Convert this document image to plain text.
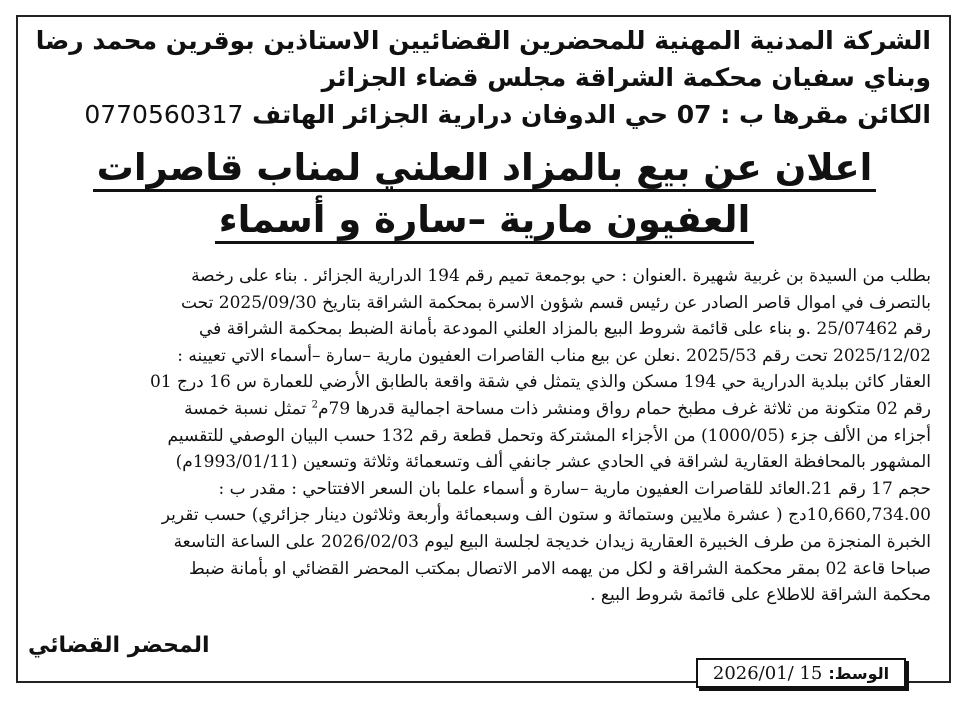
الشركة المدنية المهنية للمحضرين القضائيين الاستاذين بوقرين محمد رضا
وبناي سفيان محكمة الشراقة مجلس قضاء الجزائر
الكائن مقرها ب : 07 حي الدوفان دراري‍ة الجزائر الهاتف 0770560317
اعلان عن بيع بالمزاد العلني لمناب قاصرات
العفيون مارية –سارة و أسماء

بطلب من السيدة بن غربية شهيرة .العنوان : حي بوجمعة تميم رقم 194 الدرارية الجزائر . بناء على رخصة

بالتصرف في اموال قاصر الصادر عن رئيس قسم شؤون الاسرة بمحكمة الشراقة بتاريخ 2025/09/30 تحت

رقم 25/07462 .و بناء على قائمة شروط البيع بالمزاد العلني المودعة بأمانة الضبط بمحكمة الشراقة في

2025/12/02 تحت رقم 2025/53 .نعلن عن بيع مناب القاصرات العفيون مارية –سارة –أسماء الاتي تعيينه :

العقار كائن ببلدية الدرارية حي 194 مسكن والذي يتمثل في شقة واقعة بالطابق الأرضي للعمارة س 16 درج 01

رقم 02 متكونة من ثلاثة غرف مطبخ حمام رواق ومنشر ذات مساحة اجمالية قدرها 79م$^2$ تمثل نسبة خمسة

أجزاء من الألف جزء (1000/05) من الأجزاء المشتركة وتحمل قطعة رقم 132 حسب البيان الوصفي للتقسيم

المشهور بالمحافظة العقارية لشراقة في الحادي عشر جانفي ألف وتسعمائة وثلاثة وتسعين (1993/01/11م)

حجم 17 رقم 21.العائد للقاصرات العفيون مارية –سارة و أسماء علما بان السعر الافتتاحي : مقدر ب :

10,660,734.00دج ( عشرة ملايين وستمائة و ستون الف وسبعمائة وأربعة وثلاثون دينار جزائري) حسب تقرير

الخبرة المنجزة من طرف الخبيرة العقارية زيدان خديجة لجلسة البيع ليوم 2026/02/03 على الساعة التاسعة

صباحا قاعة 02 بمقر محكمة الشراقة و لكل من يهمه الامر الاتصال بمكتب المحضر القضائي او بأمانة ضبط

محكمة الشراقة للاطلاع على قائمة شروط البيع .

المحضر القضائي
الوسط:
2026/01/ 15
